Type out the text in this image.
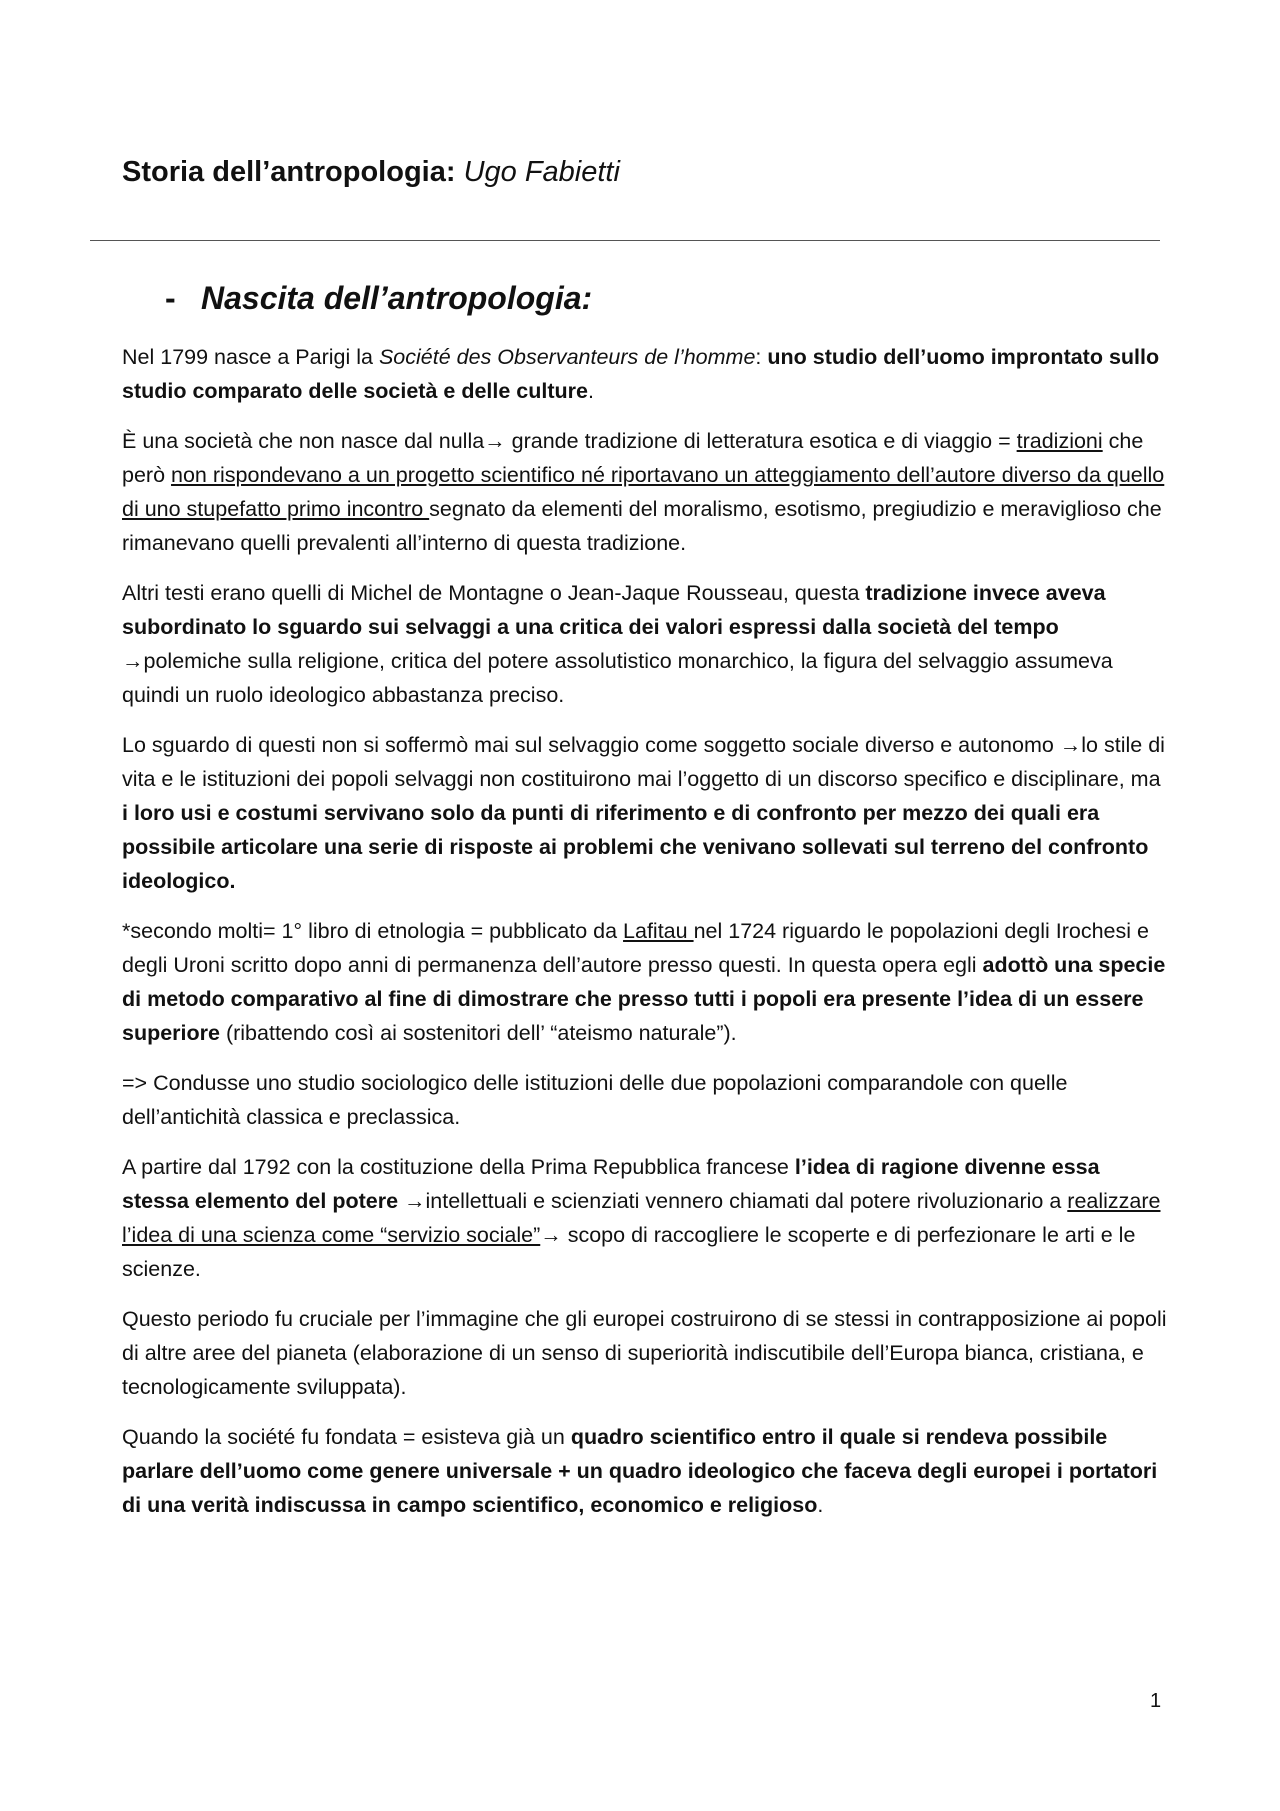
Storia dell’antropologia: Ugo Fabietti
- Nascita dell’antropologia:

Nel 1799 nasce a Parigi la Société des Observanteurs de l’homme: uno studio dell’uomo improntato sullo studio comparato delle società e delle culture.

È una società che non nasce dal nulla→ grande tradizione di letteratura esotica e di viaggio = tradizioni che però non rispondevano a un progetto scientifico né riportavano un atteggiamento dell’autore diverso da quello di uno stupefatto primo incontro segnato da elementi del moralismo, esotismo, pregiudizio e meraviglioso che rimanevano quelli prevalenti all’interno di questa tradizione.

Altri testi erano quelli di Michel de Montagne o Jean-Jaque Rousseau, questa tradizione invece aveva subordinato lo sguardo sui selvaggi a una critica dei valori espressi dalla società del tempo →polemiche sulla religione, critica del potere assolutistico monarchico, la figura del selvaggio assumeva quindi un ruolo ideologico abbastanza preciso.

Lo sguardo di questi non si soffermò mai sul selvaggio come soggetto sociale diverso e autonomo →lo stile di vita e le istituzioni dei popoli selvaggi non costituirono mai l’oggetto di un discorso specifico e disciplinare, ma i loro usi e costumi servivano solo da punti di riferimento e di confronto per mezzo dei quali era possibile articolare una serie di risposte ai problemi che venivano sollevati sul terreno del confronto ideologico.

*secondo molti= 1° libro di etnologia = pubblicato da Lafitau nel 1724 riguardo le popolazioni degli Irochesi e degli Uroni scritto dopo anni di permanenza dell’autore presso questi. In questa opera egli adottò una specie di metodo comparativo al fine di dimostrare che presso tutti i popoli era presente l’idea di un essere superiore (ribattendo così ai sostenitori dell’ “ateismo naturale”).

=> Condusse uno studio sociologico delle istituzioni delle due popolazioni comparandole con quelle dell’antichità classica e preclassica.

A partire dal 1792 con la costituzione della Prima Repubblica francese l’idea di ragione divenne essa stessa elemento del potere →intellettuali e scienziati vennero chiamati dal potere rivoluzionario a realizzare l’idea di una scienza come “servizio sociale”→ scopo di raccogliere le scoperte e di perfezionare le arti e le scienze.

Questo periodo fu cruciale per l’immagine che gli europei costruirono di se stessi in contrapposizione ai popoli di altre aree del pianeta (elaborazione di un senso di superiorità indiscutibile dell’Europa bianca, cristiana, e tecnologicamente sviluppata).

Quando la société fu fondata = esisteva già un quadro scientifico entro il quale si rendeva possibile parlare dell’uomo come genere universale + un quadro ideologico che faceva degli europei i portatori di una verità indiscussa in campo scientifico, economico e religioso.

1
